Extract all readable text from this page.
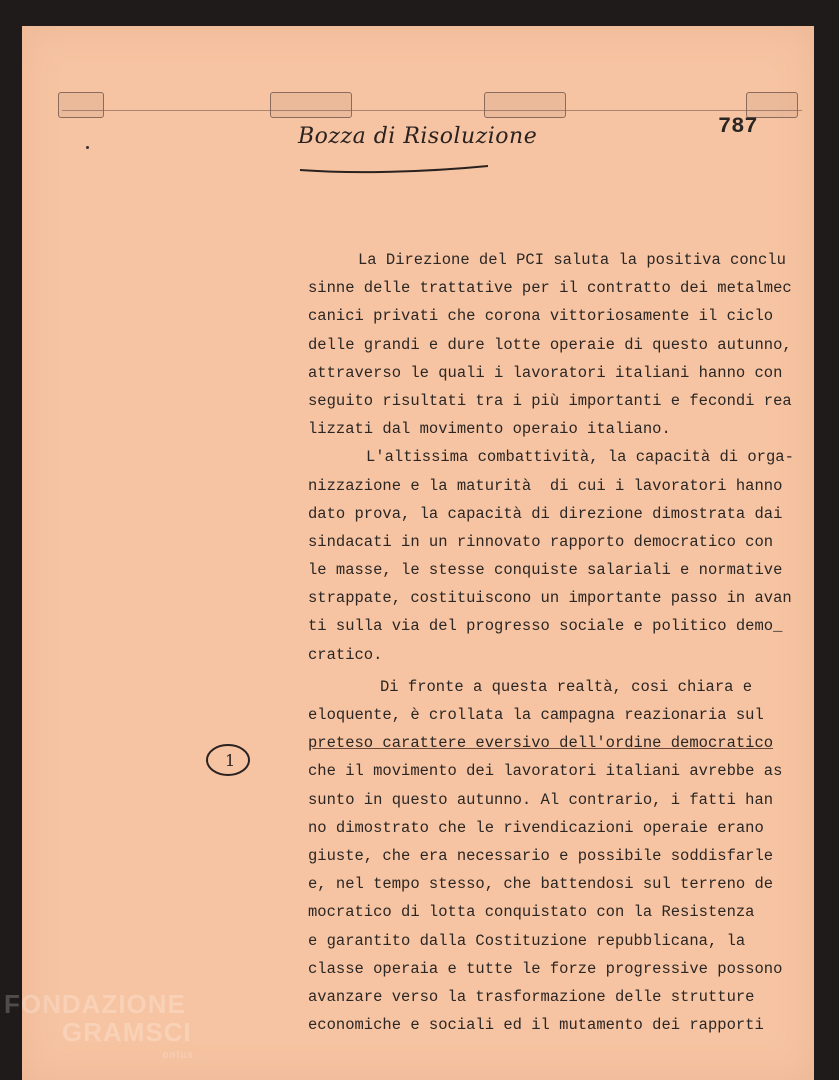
Bozza di Risoluzione	787
La Direzione del PCI saluta la positiva conclu
sinne delle trattative per il contratto dei metalmec
canici privati che corona vittoriosamente il ciclo
delle grandi e dure lotte operaie di questo autunno,
attraverso le quali i lavoratori italiani hanno con
seguito risultati tra i più importanti e fecondi rea
lizzati dal movimento operaio italiano.
L'altissima combattività, la capacità di orga-
nizzazione e la maturità  di cui i lavoratori hanno
dato prova, la capacità di direzione dimostrata dai
sindacati in un rinnovato rapporto democratico con
le masse, le stesse conquiste salariali e normative
strappate, costituiscono un importante passo in avan
ti sulla via del progresso sociale e politico demo_
cratico.
Di fronte a questa realtà, cosi chiara e
eloquente, è crollata la campagna reazionaria sul
preteso carattere eversivo dell'ordine democratico
che il movimento dei lavoratori italiani avrebbe as
sunto in questo autunno. Al contrario, i fatti han
no dimostrato che le rivendicazioni operaie erano
giuste, che era necessario e possibile soddisfarle
e, nel tempo stesso, che battendosi sul terreno de
mocratico di lotta conquistato con la Resistenza
e garantito dalla Costituzione repubblicana, la
classe operaia e tutte le forze progressive possono
avanzare verso la trasformazione delle strutture
economiche e sociali ed il mutamento dei rapporti
1
FONDAZIONE
GRAMSCI
onlus
